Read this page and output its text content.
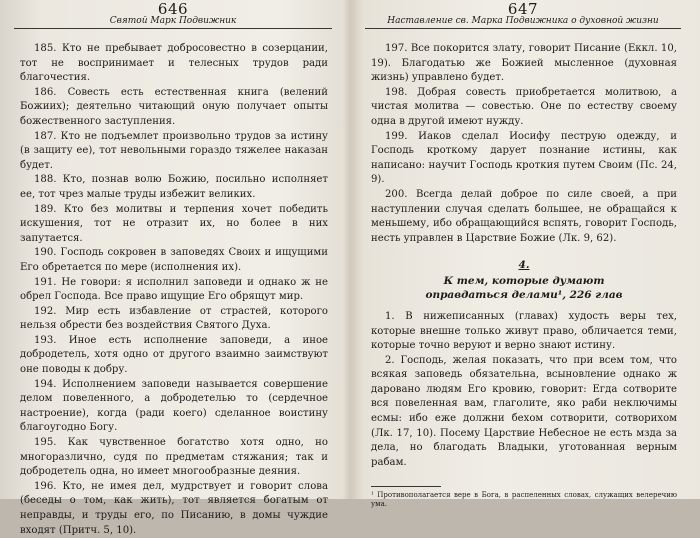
646
Святой Марк Подвижник

185. Кто не пребывает добросовестно в созерцании, тот не воспринимает и телесных трудов ради благочестия.

186. Совесть есть естественная книга (велений Божиих); деятельно читающий оную получает опыты божественного заступления.

187. Кто не подъемлет произвольно трудов за истину (в защиту ее), тот невольными гораздо тяжелее наказан будет.

188. Кто, познав волю Божию, посильно исполняет ее, тот чрез малые труды избежит великих.

189. Кто без молитвы и терпения хочет победить искушения, тот не отразит их, но более в них запутается.

190. Господь сокровен в заповедях Своих и ищущими Его обретается по мере (исполнения их).

191. Не говори: я исполнил заповеди и однако ж не обрел Господа. Все право ищущие Его обрящут мир.

192. Мир есть избавление от страстей, которого нельзя обрести без воздействия Святого Духа.

193. Иное есть исполнение заповеди, а иное добродетель, хотя одно от другого взаимно заимствуют оне поводы к добру.

194. Исполнением заповеди называется совершение делом повеленного, а добродетелью то (сердечное настроение), когда (ради коего) сделанное воистину благоугодно Богу.

195. Как чувственное богатство хотя одно, но многоразлично, судя по предметам стяжания; так и добродетель одна, но имеет многообразные деяния.

196. Кто, не имея дел, мудрствует и говорит слова (беседы о том, как жить), тот является богатым от неправды, и труды его, по Писанию, в домы чуждие входят (Притч. 5, 10).

647
Наставление св. Марка Подвижника о духовной жизни

197. Все покорится злату, говорит Писание (Еккл. 10, 19). Благодатью же Божией мысленное (духовная жизнь) управлено будет.

198. Добрая совесть приобретается молитвою, а чистая молитва — совестью. Оне по естеству своему одна в другой имеют нужду.

199. Иаков сделал Иосифу пеструю одежду, и Господь кроткому дарует познание истины, как написано: научит Господь кроткия путем Своим (Пс. 24, 9).

200. Всегда делай доброе по силе своей, а при наступлении случая сделать большее, не обращайся к меньшему, ибо обращающийся вспять, говорит Господь, несть управлен в Царствие Божие (Лк. 9, 62).

4.
К тем, которые думают
оправдаться делами¹, 226 глав

1. В нижеписанных (главах) худость веры тех, которые внешне только живут право, обличается теми, которые точно веруют и верно знают истину.

2. Господь, желая показать, что при всем том, что всякая заповедь обязательна, всыновление однако ж даровано людям Его кровию, говорит: Егда сотворите вся повеленная вам, глаголите, яко раби неключимы есмы: ибо еже должни бехом сотворити, сотворихом (Лк. 17, 10). Посему Царствие Небесное не есть мзда за дела, но благодать Владыки, уготованная верным рабам.

¹ Противополагается вере в Бога, в распеленных словах, служащих велеречию ума.
